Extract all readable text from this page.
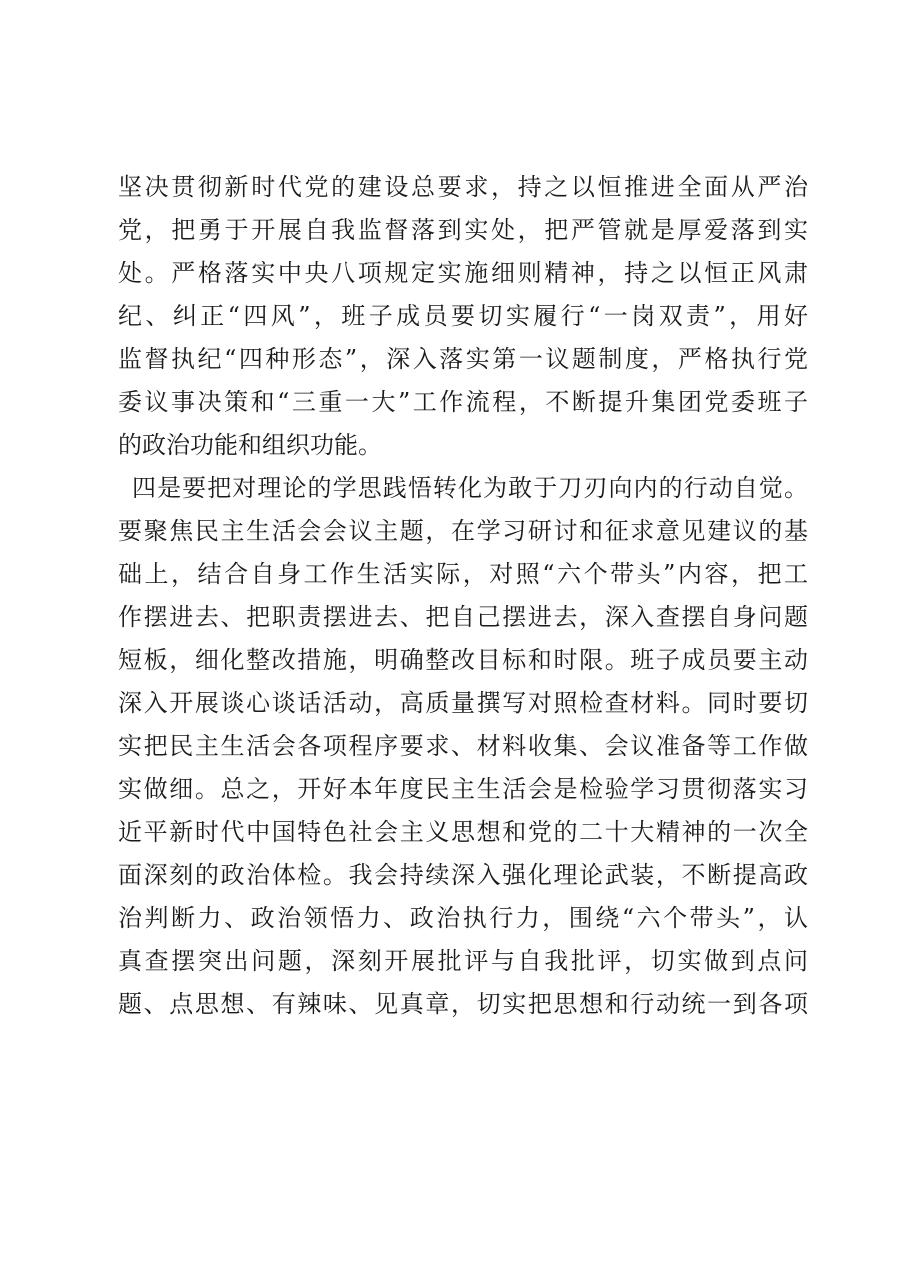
坚决贯彻新时代党的建设总要求，持之以恒推进全面从严治
党，把勇于开展自我监督落到实处，把严管就是厚爱落到实
处。严格落实中央八项规定实施细则精神，持之以恒正风肃
纪、纠正“四风”，班子成员要切实履行“一岗双责”，用好
监督执纪“四种形态”，深入落实第一议题制度，严格执行党
委议事决策和“三重一大”工作流程，不断提升集团党委班子
的政治功能和组织功能。
四是要把对理论的学思践悟转化为敢于刀刃向内的行动自觉。
要聚焦民主生活会会议主题，在学习研讨和征求意见建议的基
础上，结合自身工作生活实际，对照“六个带头”内容，把工
作摆进去、把职责摆进去、把自己摆进去，深入查摆自身问题
短板，细化整改措施，明确整改目标和时限。班子成员要主动
深入开展谈心谈话活动，高质量撰写对照检查材料。同时要切
实把民主生活会各项程序要求、材料收集、会议准备等工作做
实做细。总之，开好本年度民主生活会是检验学习贯彻落实习
近平新时代中国特色社会主义思想和党的二十大精神的一次全
面深刻的政治体检。我会持续深入强化理论武装，不断提高政
治判断力、政治领悟力、政治执行力，围绕“六个带头”，认
真查摆突出问题，深刻开展批评与自我批评，切实做到点问
题、点思想、有辣味、见真章，切实把思想和行动统一到各项
